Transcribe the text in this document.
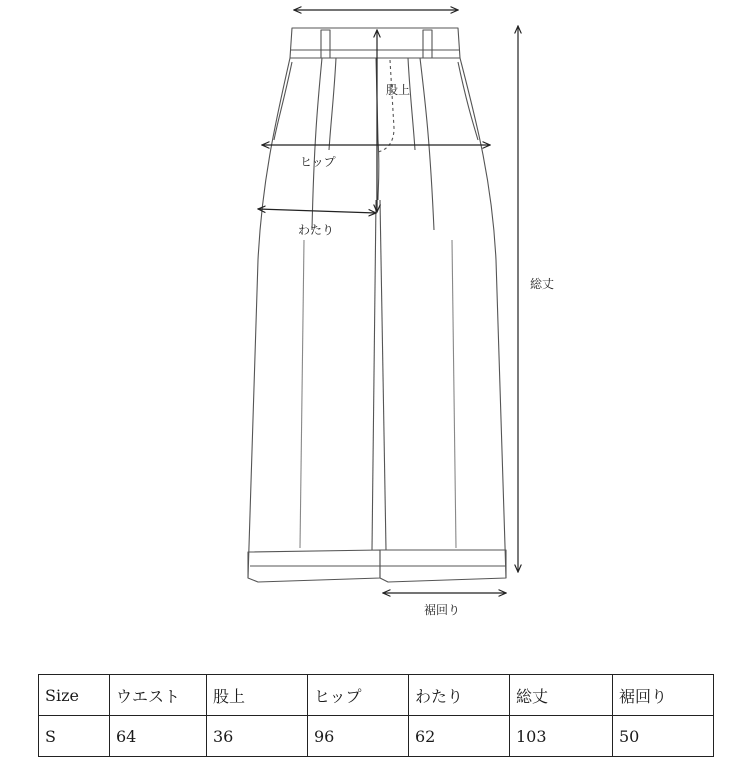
股上
ヒップ
わたり
総丈
裾回り
Size	ウエスト	股上	ヒップ	わたり	総丈	裾回り
S	64	36	96	62	103	50
